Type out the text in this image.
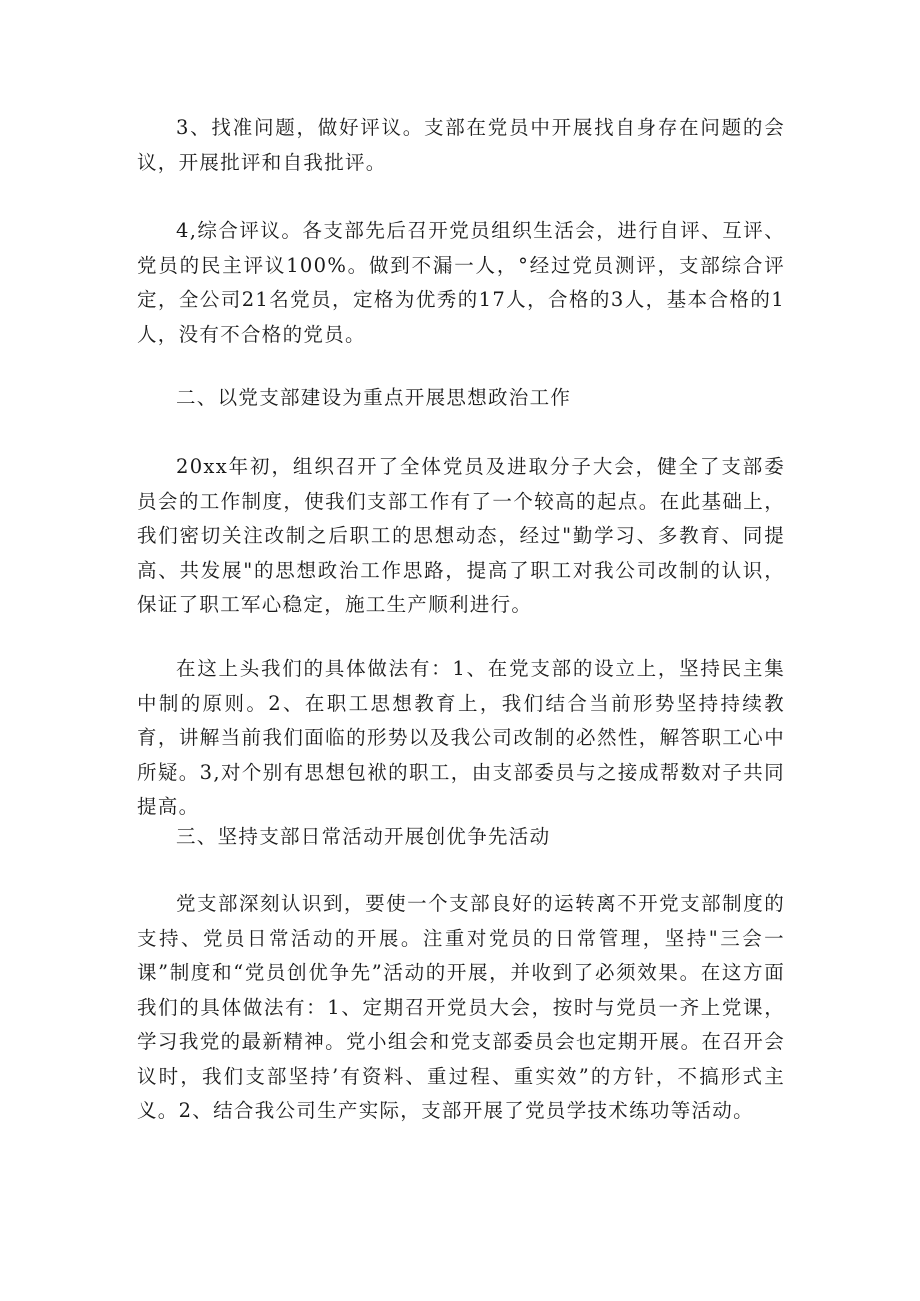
3、找准问题，做好评议。支部在党员中开展找自身存在问题的会议，开展批评和自我批评。

4,综合评议。各支部先后召开党员组织生活会，进行自评、互评、党员的民主评议100%。做到不漏一人，°经过党员测评，支部综合评定，全公司21名党员，定格为优秀的17人，合格的3人，基本合格的1人，没有不合格的党员。

二、以党支部建设为重点开展思想政治工作

20xx年初，组织召开了全体党员及进取分子大会，健全了支部委员会的工作制度，使我们支部工作有了一个较高的起点。在此基础上，我们密切关注改制之后职工的思想动态，经过"勤学习、多教育、同提高、共发展"的思想政治工作思路，提高了职工对我公司改制的认识，保证了职工军心稳定，施工生产顺利进行。

在这上头我们的具体做法有：1、在党支部的设立上，坚持民主集中制的原则。2、在职工思想教育上，我们结合当前形势坚持持续教育，讲解当前我们面临的形势以及我公司改制的必然性，解答职工心中所疑。3,对个别有思想包袱的职工，由支部委员与之接成帮数对子共同提高。

三、坚持支部日常活动开展创优争先活动

党支部深刻认识到，要使一个支部良好的运转离不开党支部制度的支持、党员日常活动的开展。注重对党员的日常管理，坚持"三会一课”制度和“党员创优争先”活动的开展，并收到了必须效果。在这方面我们的具体做法有：1、定期召开党员大会，按时与党员一齐上党课，学习我党的最新精神。党小组会和党支部委员会也定期开展。在召开会议时，我们支部坚持’有资料、重过程、重实效”的方针，不搞形式主义。2、结合我公司生产实际，支部开展了党员学技术练功等活动。
